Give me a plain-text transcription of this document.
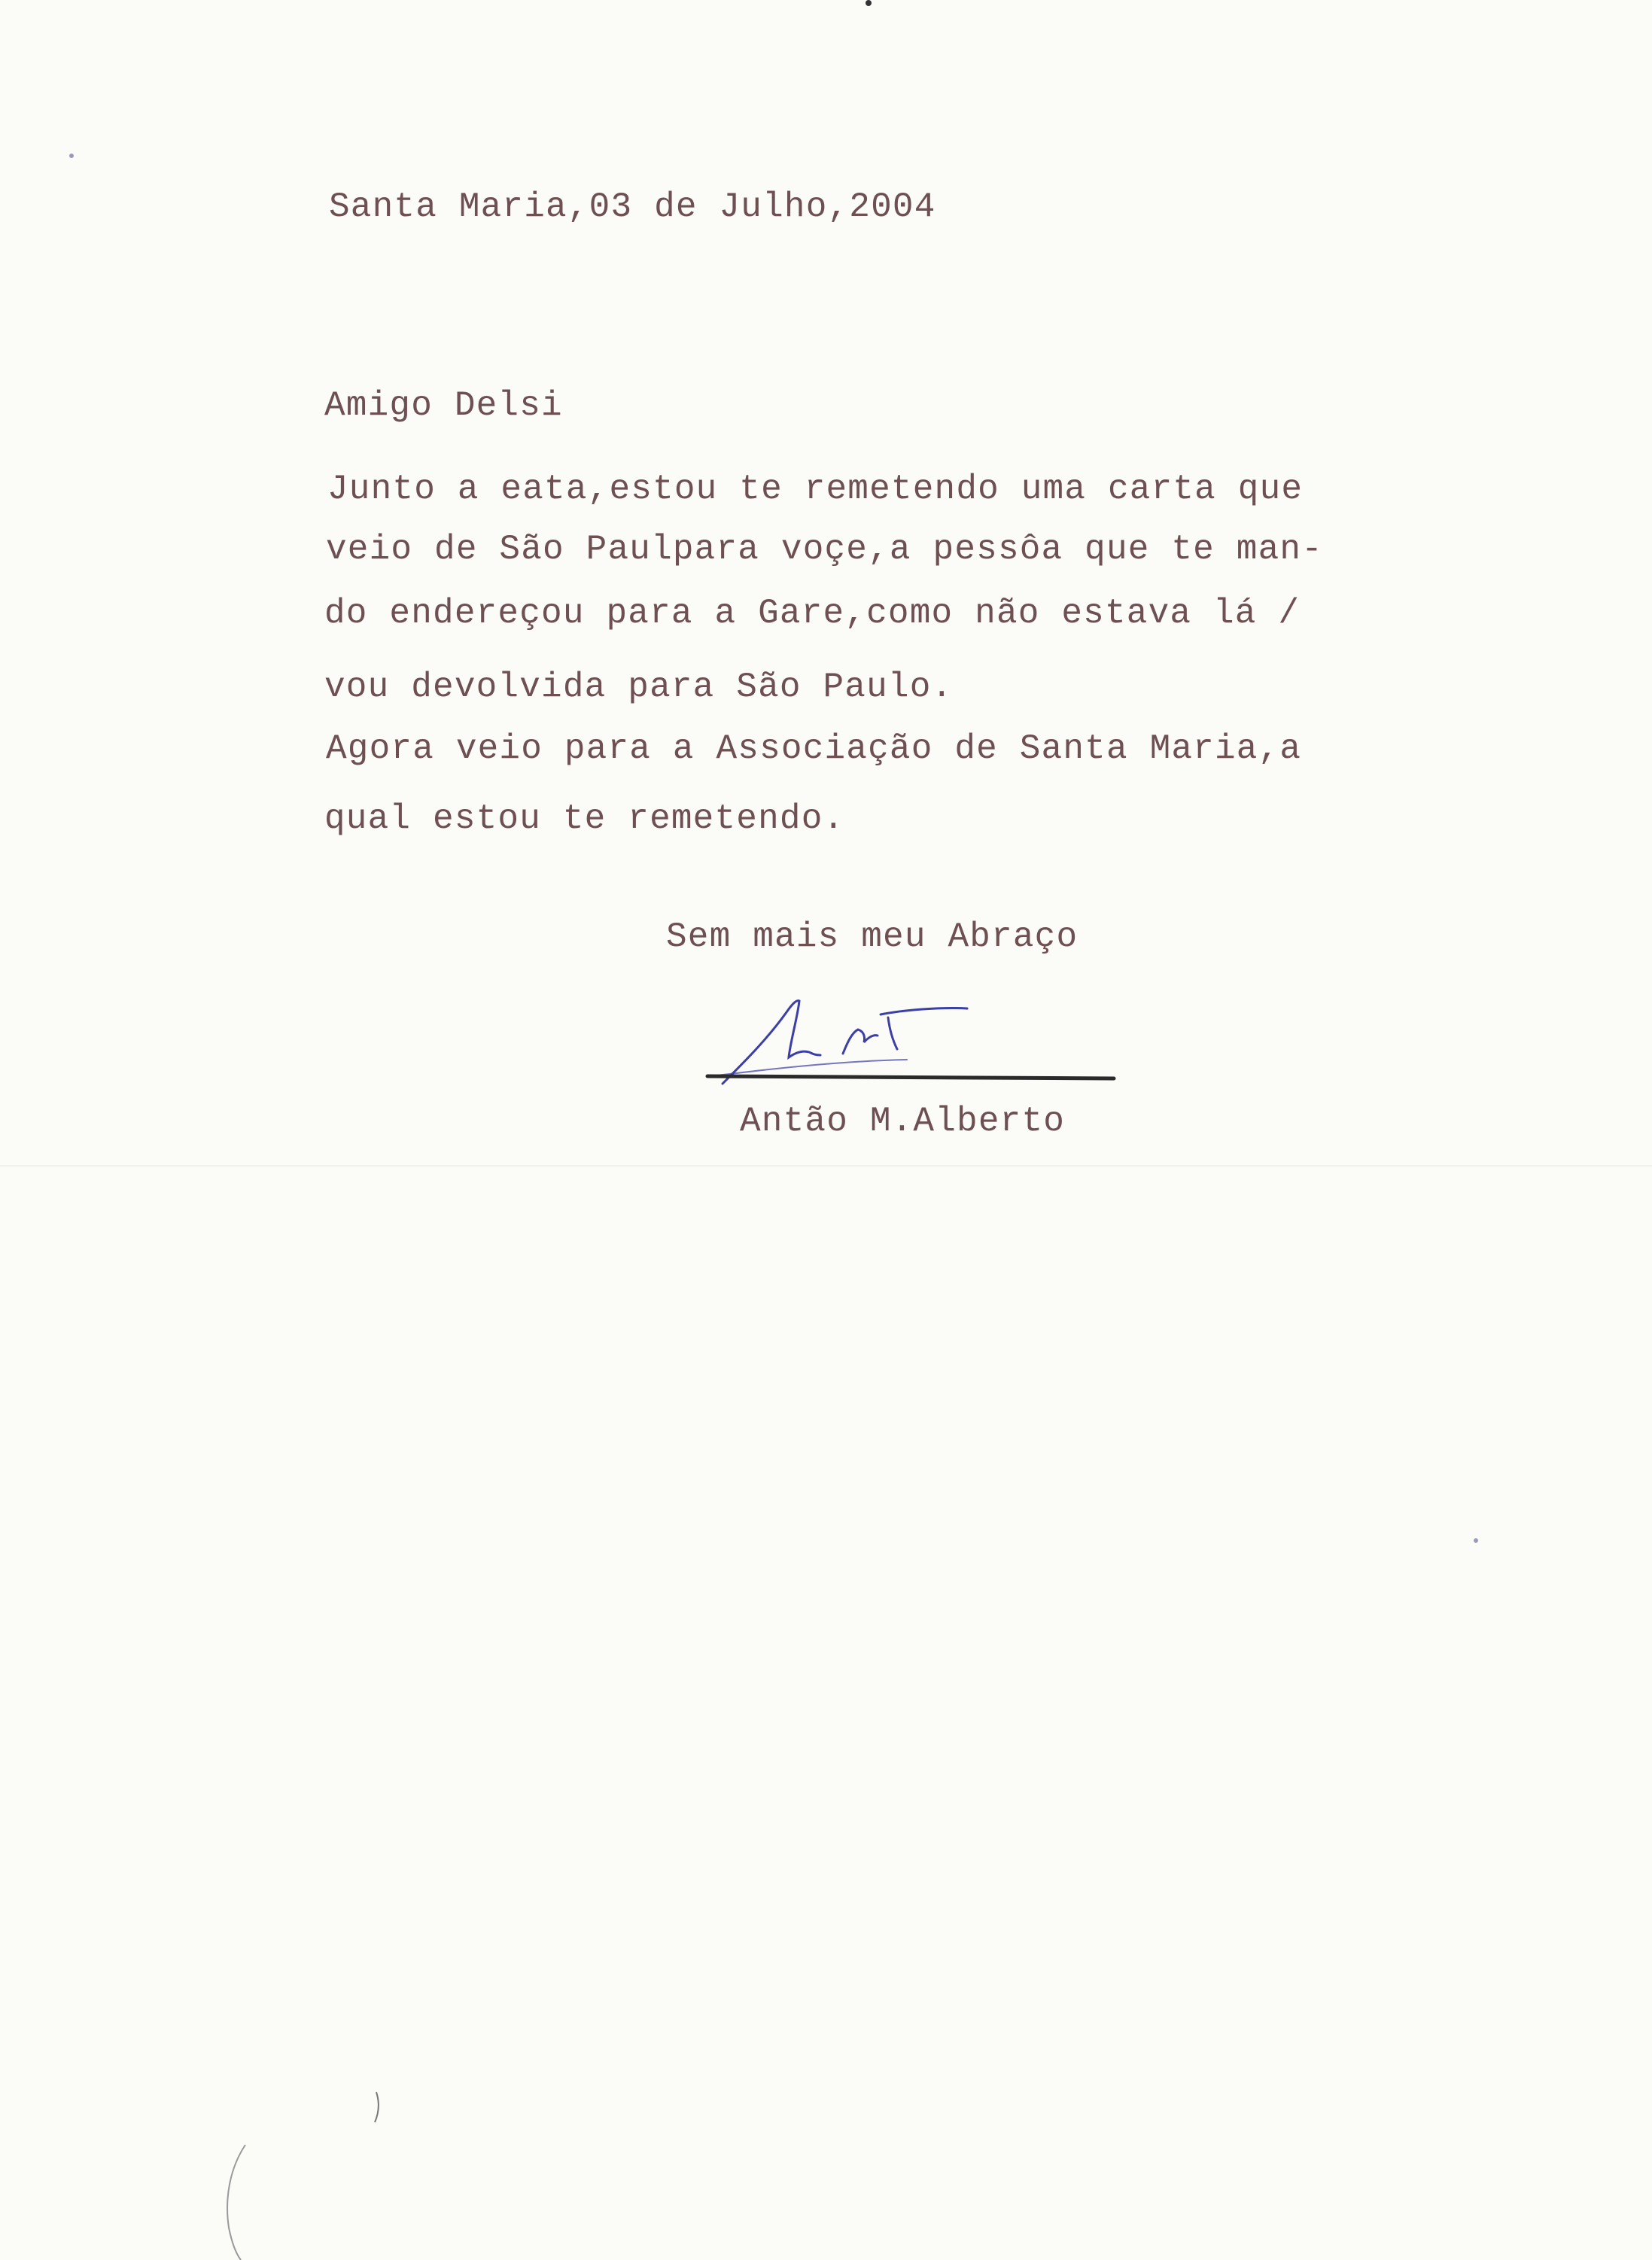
Santa Maria,03 de Julho,2004

Amigo Delsi

Junto a eata,estou te remetendo uma carta que

veio de São Paulpara voçe,a pessôa que te man-

do endereçou para a Gare,como não estava lá /

vou devolvida para São Paulo.

Agora veio para a Associação de Santa Maria,a

qual estou te remetendo.

Sem mais meu Abraço

Antão M.Alberto
